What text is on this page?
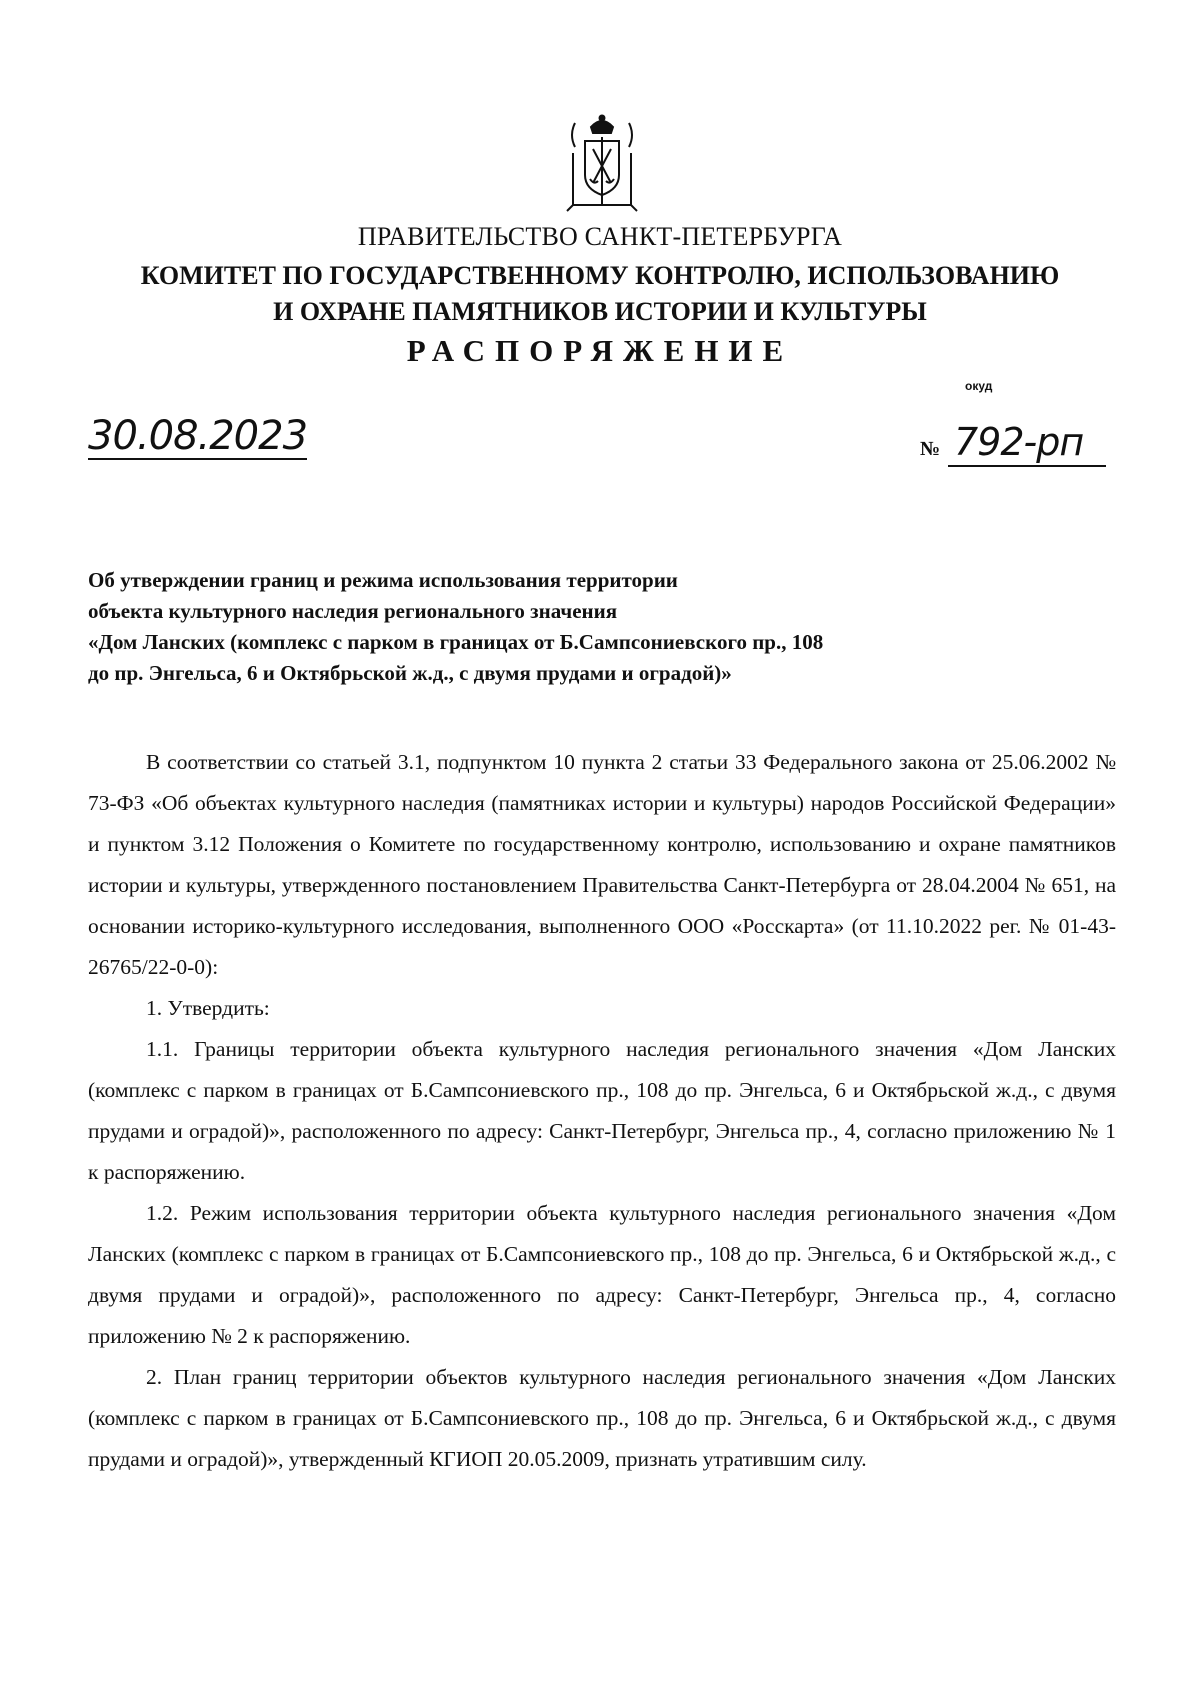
ПРАВИТЕЛЬСТВО САНКТ-ПЕТЕРБУРГА
КОМИТЕТ ПО ГОСУДАРСТВЕННОМУ КОНТРОЛЮ, ИСПОЛЬЗОВАНИЮ
И ОХРАНЕ ПАМЯТНИКОВ ИСТОРИИ И КУЛЬТУРЫ
РАСПОРЯЖЕНИЕ
окуд
30.08.2023	№ 792-рп
Об утверждении границ и режима использования территории
объекта культурного наследия регионального значения
«Дом Ланских (комплекс с парком в границах от Б.Сампсониевского пр., 108
до пр. Энгельса, 6 и Октябрьской ж.д., с двумя прудами и оградой)»

В соответствии со статьей 3.1, подпунктом 10 пункта 2 статьи 33 Федерального закона от 25.06.2002 № 73-ФЗ «Об объектах культурного наследия (памятниках истории и культуры) народов Российской Федерации» и пунктом 3.12 Положения о Комитете по государственному контролю, использованию и охране памятников истории и культуры, утвержденного постановлением Правительства Санкт-Петербурга от 28.04.2004 № 651, на основании историко-культурного исследования, выполненного ООО «Росскарта» (от 11.10.2022 рег. № 01-43-26765/22-0-0):

1. Утвердить:

1.1. Границы территории объекта культурного наследия регионального значения «Дом Ланских (комплекс с парком в границах от Б.Сампсониевского пр., 108 до пр. Энгельса, 6 и Октябрьской ж.д., с двумя прудами и оградой)», расположенного по адресу: Санкт-Петербург, Энгельса пр., 4, согласно приложению № 1 к распоряжению.

1.2. Режим использования территории объекта культурного наследия регионального значения «Дом Ланских (комплекс с парком в границах от Б.Сампсониевского пр., 108 до пр. Энгельса, 6 и Октябрьской ж.д., с двумя прудами и оградой)», расположенного по адресу: Санкт-Петербург, Энгельса пр., 4, согласно приложению № 2 к распоряжению.

2. План границ территории объектов культурного наследия регионального значения «Дом Ланских (комплекс с парком в границах от Б.Сампсониевского пр., 108 до пр. Энгельса, 6 и Октябрьской ж.д., с двумя прудами и оградой)», утвержденный КГИОП 20.05.2009, признать утратившим силу.
